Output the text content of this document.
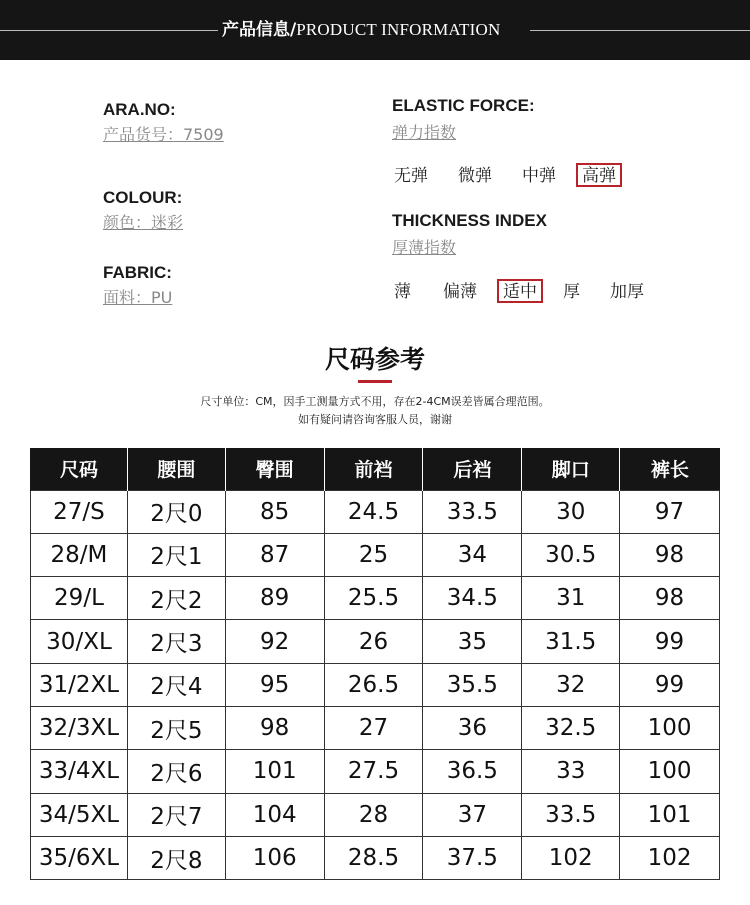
产品信息/PRODUCT INFORMATION
ARA.NO:
产品货号：7509
COLOUR:
颜色：迷彩
FABRIC:
面料：PU
ELASTIC FORCE:
弹力指数
无弹	微弹	中弹	高弹
THICKNESS INDEX
厚薄指数
薄	偏薄	适中	厚	加厚
尺码参考
尺寸单位：CM，因手工测量方式不用，存在2-4CM误差皆属合理范围。
如有疑问请咨询客服人员，谢谢
尺码	腰围	臀围	前裆	后裆	脚口	裤长
27/S	2尺0	85	24.5	33.5	30	97
28/M	2尺1	87	25	34	30.5	98
29/L	2尺2	89	25.5	34.5	31	98
30/XL	2尺3	92	26	35	31.5	99
31/2XL	2尺4	95	26.5	35.5	32	99
32/3XL	2尺5	98	27	36	32.5	100
33/4XL	2尺6	101	27.5	36.5	33	100
34/5XL	2尺7	104	28	37	33.5	101
35/6XL	2尺8	106	28.5	37.5	102	102
